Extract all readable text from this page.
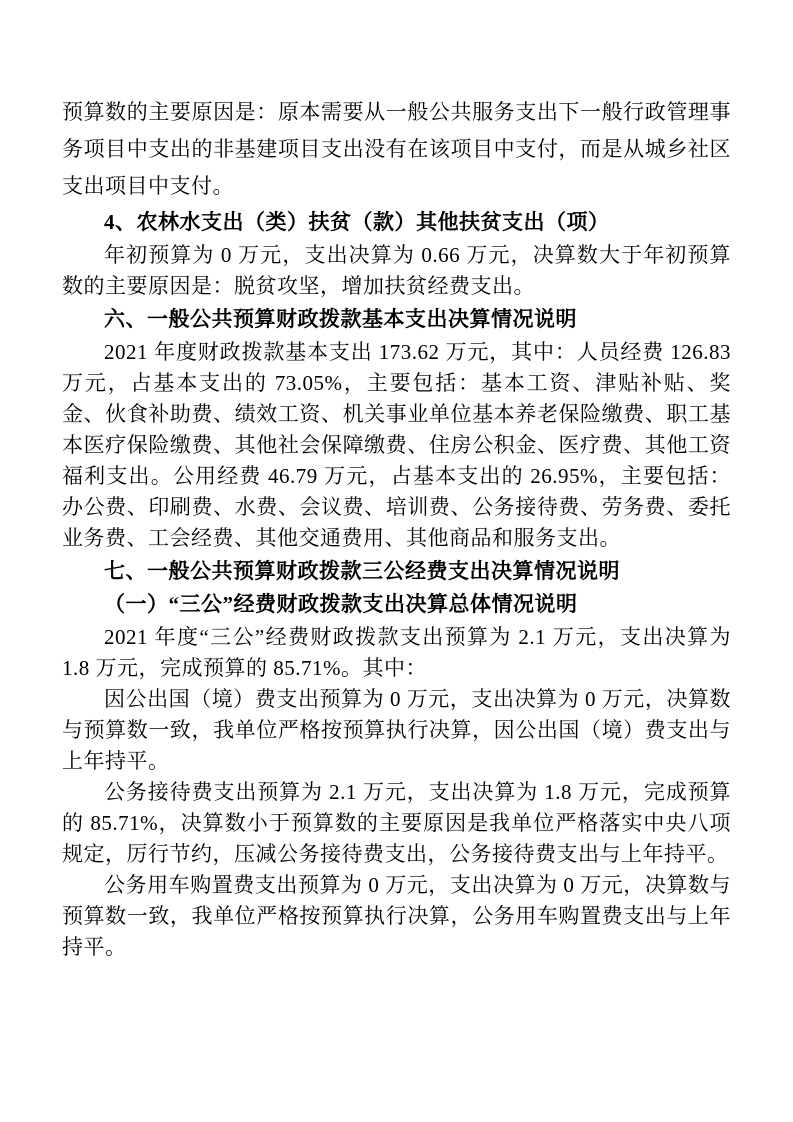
预算数的主要原因是：原本需要从一般公共服务支出下一般行政管理事务项目中支出的非基建项目支出没有在该项目中支付，而是从城乡社区支出项目中支付。

4、农林水支出（类）扶贫（款）其他扶贫支出（项）

年初预算为 0 万元，支出决算为 0.66 万元，决算数大于年初预算数的主要原因是：脱贫攻坚，增加扶贫经费支出。

六、一般公共预算财政拨款基本支出决算情况说明

2021 年度财政拨款基本支出 173.62 万元，其中：人员经费 126.83 万元，占基本支出的 73.05%，主要包括：基本工资、津贴补贴、奖金、伙食补助费、绩效工资、机关事业单位基本养老保险缴费、职工基本医疗保险缴费、其他社会保障缴费、住房公积金、医疗费、其他工资福利支出。公用经费 46.79 万元，占基本支出的 26.95%，主要包括：办公费、印刷费、水费、会议费、培训费、公务接待费、劳务费、委托业务费、工会经费、其他交通费用、其他商品和服务支出。

七、一般公共预算财政拨款三公经费支出决算情况说明

（一）“三公”经费财政拨款支出决算总体情况说明

2021 年度“三公”经费财政拨款支出预算为 2.1 万元，支出决算为 1.8 万元，完成预算的 85.71%。其中：

因公出国（境）费支出预算为 0 万元，支出决算为 0 万元，决算数与预算数一致，我单位严格按预算执行决算，因公出国（境）费支出与上年持平。

公务接待费支出预算为 2.1 万元，支出决算为 1.8 万元，完成预算的 85.71%，决算数小于预算数的主要原因是我单位严格落实中央八项规定，厉行节约，压减公务接待费支出，公务接待费支出与上年持平。

公务用车购置费支出预算为 0 万元，支出决算为 0 万元，决算数与预算数一致，我单位严格按预算执行决算，公务用车购置费支出与上年持平。
